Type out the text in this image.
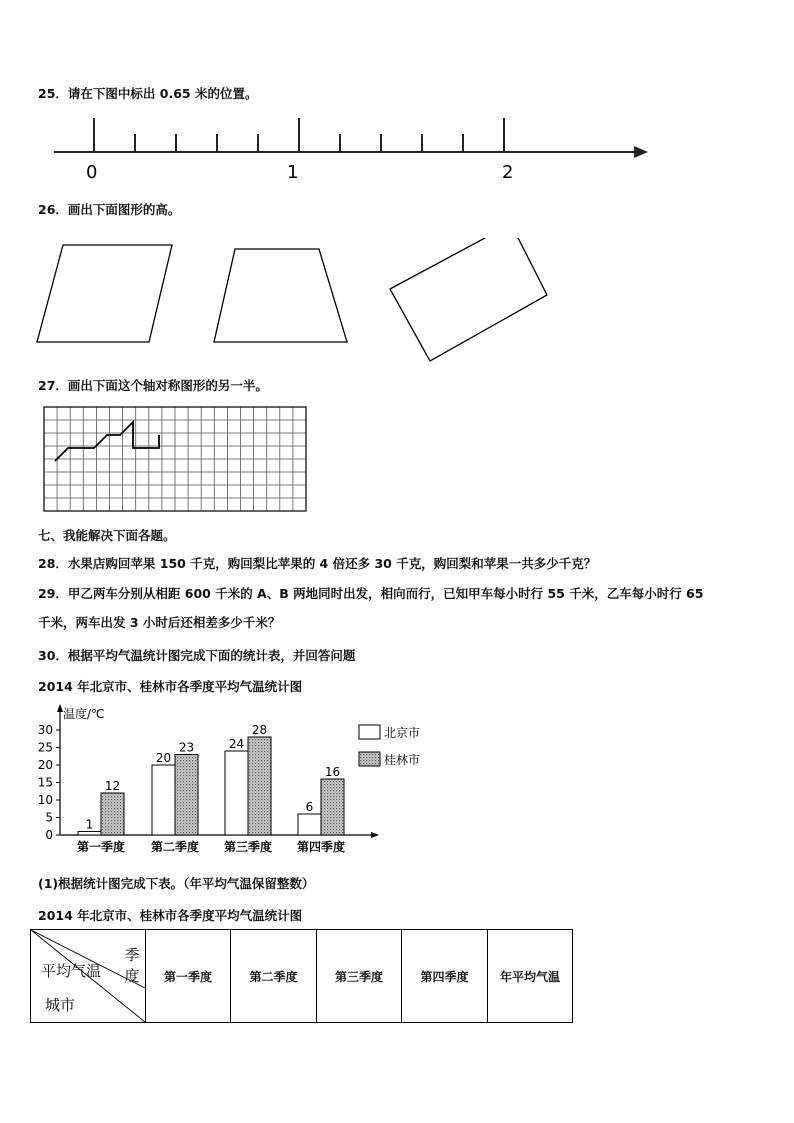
25．请在下图中标出 0.65 米的位置。
0	1	2
26．画出下面图形的高。
27．画出下面这个轴对称图形的另一半。
七、我能解决下面各题。
28．水果店购回苹果 150 千克，购回梨比苹果的 4 倍还多 30 千克，购回梨和苹果一共多少千克？
29．甲乙两车分别从相距 600 千米的 A、B 两地同时出发，相向而行，已知甲车每小时行 55 千米，乙车每小时行 65
千米，两车出发 3 小时后还相差多少千米？
30．根据平均气温统计图完成下面的统计表，并回答问题
2014 年北京市、桂林市各季度平均气温统计图
温度/℃
北京市
桂林市
0
5
10
15
20
25
30
1
12
第一季度
20
23
第二季度
24
28
第三季度
6
16
第四季度
(1)根据统计图完成下表。（年平均气温保留整数）
2014 年北京市、桂林市各季度平均气温统计图
季度
平均气温
城市
	第一季度	第二季度	第三季度	第四季度	年平均气温
